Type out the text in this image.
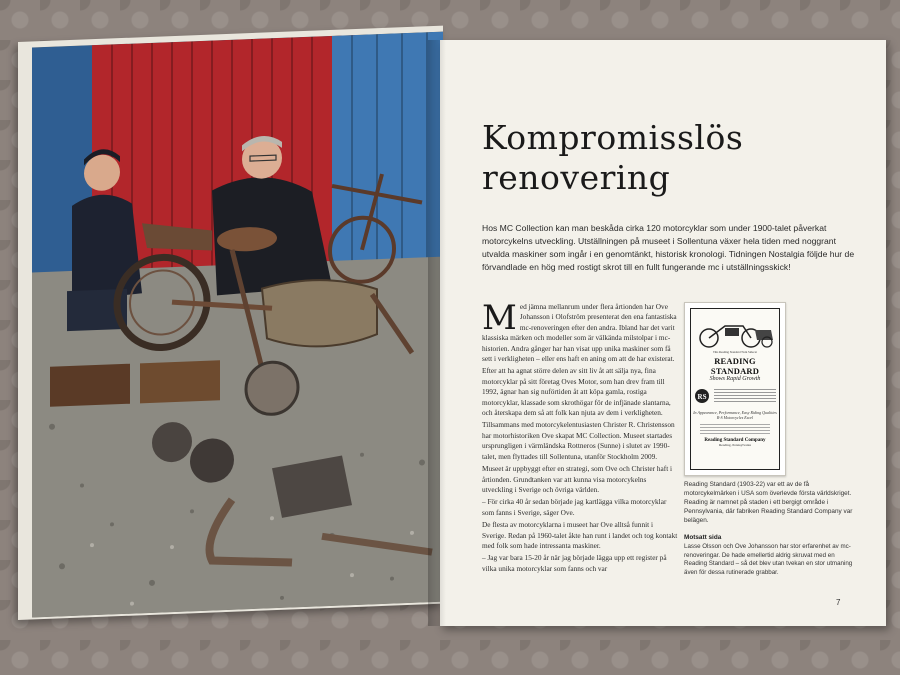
Kompromisslös
renovering

Hos MC Collection kan man beskåda cirka 120 motorcyklar som under 1900-talet påverkat motorcykelns utveckling. Utställningen på museet i Sollentuna växer hela tiden med noggrant utvalda maskiner som ingår i en genomtänkt, historisk kronologi. Tidningen Nostalgia följde hur de förvandlade en hög med rostigt skrot till en fullt fungerande mc i utställningsskick!

Med jämna mellanrum under flera årtionden har Ove Johansson i Olofström presenterat den ena fantastiska mc-renoveringen efter den andra. Ibland har det varit klassiska märken och modeller som är välkända milstolpar i mc-historien. Andra gånger har han visat upp unika maskiner som få sett i verkligheten – eller ens haft en aning om att de har existerat.

Efter att ha agnat större delen av sitt liv åt att sälja nya, fina motorcyklar på sitt företag Oves Motor, som han drev fram till 1992, ägnar han sig nuförtiden åt att köpa gamla, rostiga motorcyklar, klassade som skrothögar för de infjänade slantarna, och återskapa dem så att folk kan njuta av dem i verkligheten.

Tillsammans med motorcykelentusiasten Christer R. Christensson har motorhistoriken Ove skapat MC Collection. Museet startades ursprungligen i värmländska Rottneros (Sunne) i slutet av 1990-talet, men flyttades till Sollentuna, utanför Stockholm 2009.

Museet är uppbyggt efter en strategi, som Ove och Christer haft i årtionden. Grundtanken var att kunna visa motorcykelns utveckling i Sverige och övriga världen.

– För cirka 40 år sedan började jag kartlägga vilka motorcyklar som fanns i Sverige, säger Ove.

De flesta av motorcyklarna i museet har Ove alltså funnit i Sverige. Redan på 1960-talet åkte han runt i landet och tog kontakt med folk som hade intressanta maskiner.

– Jag var bara 15-20 år när jag började lägga upp ett register på vilka unika motorcyklar som fanns och var

This Reading Standard Twin Sidecar
READING STANDARD
Shows Rapid Growth
RS
In Appearance, Performance, Easy Riding Qualities R-S Motorcycles Excel
Reading Standard Company
Reading, Pennsylvania

Reading Standard (1903-22) var ett av de få motorcykelmärken i USA som överlevde första världskriget. Reading är namnet på staden i ett bergigt område i Pennsylvania, där fabriken Reading Standard Company var belägen.

Motsatt sida

Lasse Olsson och Ove Johansson har stor erfarenhet av mc-renoveringar. De hade emellertid aldrig skruvat med en Reading Standard – så det blev utan tvekan en stor utmaning även för dessa rutinerade grabbar.

7
